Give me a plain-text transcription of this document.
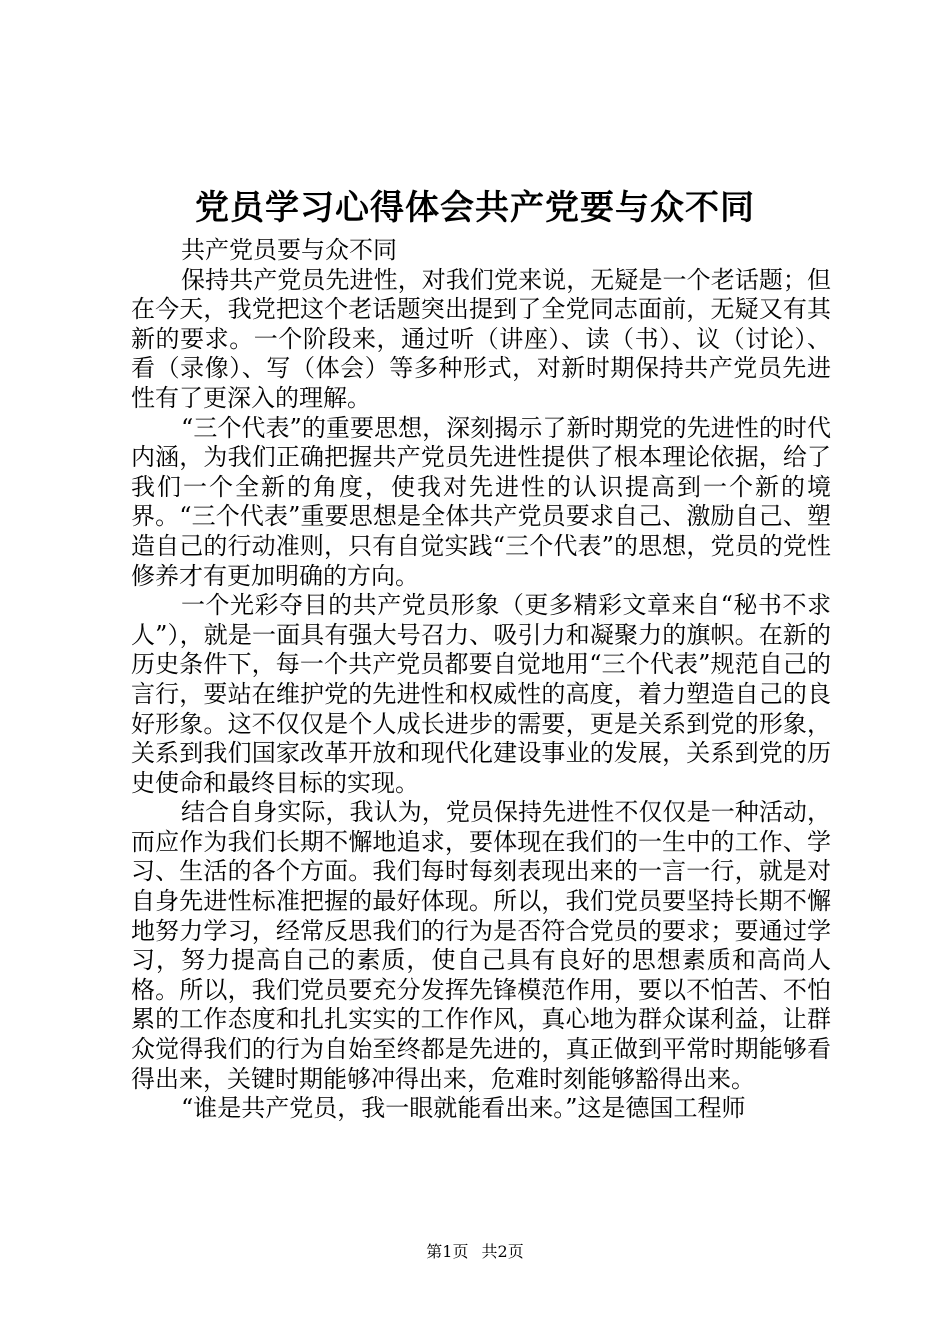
党员学习心得体会共产党要与众不同

共产党员要与众不同

保持共产党员先进性，对我们党来说，无疑是一个老话题；但在今天，我党把这个老话题突出提到了全党同志面前，无疑又有其新的要求。一个阶段来，通过听（讲座）、读（书）、议（讨论）、看（录像）、写（体会）等多种形式，对新时期保持共产党员先进性有了更深入的理解。

“三个代表”的重要思想，深刻揭示了新时期党的先进性的时代内涵，为我们正确把握共产党员先进性提供了根本理论依据，给了我们一个全新的角度，使我对先进性的认识提高到一个新的境界。“三个代表”重要思想是全体共产党员要求自己、激励自己、塑造自己的行动准则，只有自觉实践“三个代表”的思想，党员的党性修养才有更加明确的方向。

一个光彩夺目的共产党员形象（更多精彩文章来自“秘书不求人”），就是一面具有强大号召力、吸引力和凝聚力的旗帜。在新的历史条件下，每一个共产党员都要自觉地用“三个代表”规范自己的言行，要站在维护党的先进性和权威性的高度，着力塑造自己的良好形象。这不仅仅是个人成长进步的需要，更是关系到党的形象，关系到我们国家改革开放和现代化建设事业的发展，关系到党的历史使命和最终目标的实现。

结合自身实际，我认为，党员保持先进性不仅仅是一种活动，而应作为我们长期不懈地追求，要体现在我们的一生中的工作、学习、生活的各个方面。我们每时每刻表现出来的一言一行，就是对自身先进性标准把握的最好体现。所以，我们党员要坚持长期不懈地努力学习，经常反思我们的行为是否符合党员的要求；要通过学习，努力提高自己的素质，使自己具有良好的思想素质和高尚人格。所以，我们党员要充分发挥先锋模范作用，要以不怕苦、不怕累的工作态度和扎扎实实的工作作风，真心地为群众谋利益，让群众觉得我们的行为自始至终都是先进的，真正做到平常时期能够看得出来，关键时期能够冲得出来，危难时刻能够豁得出来。

“谁是共产党员，我一眼就能看出来。”这是德国工程师

第1页 共2页
